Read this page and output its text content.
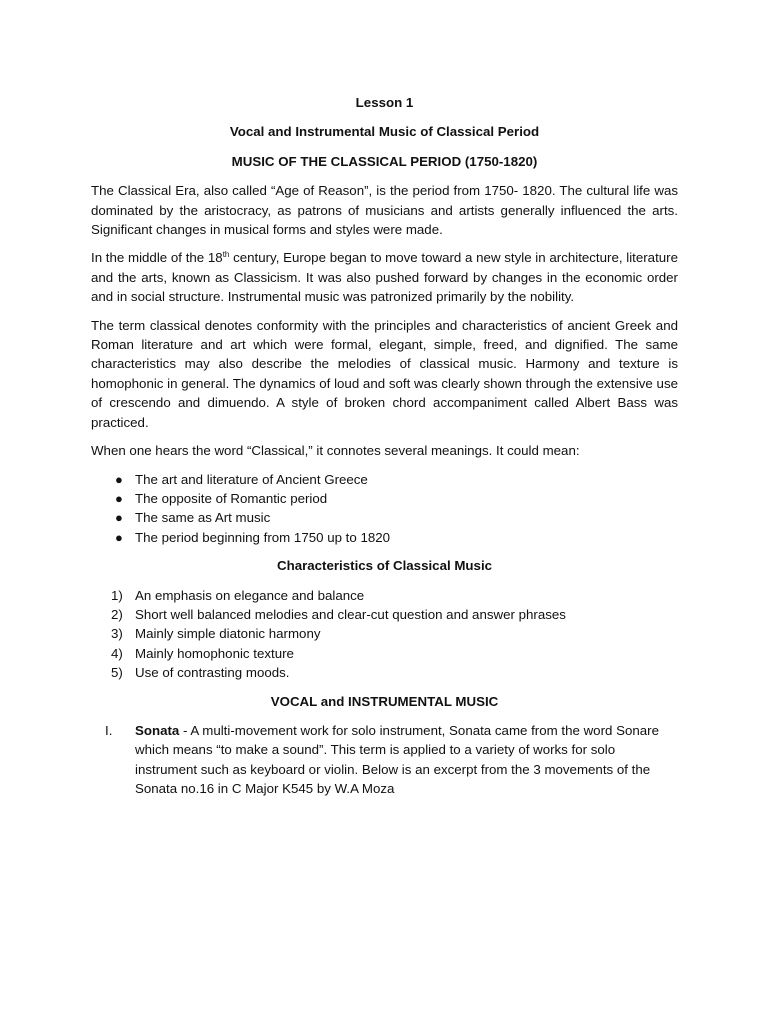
Lesson 1

Vocal and Instrumental Music of Classical Period

MUSIC OF THE CLASSICAL PERIOD (1750-1820)

The Classical Era, also called “Age of Reason”, is the period from 1750- 1820. The cultural life was dominated by the aristocracy, as patrons of musicians and artists generally influenced the arts. Significant changes in musical forms and styles were made.

In the middle of the 18th century, Europe began to move toward a new style in architecture, literature and the arts, known as Classicism. It was also pushed forward by changes in the economic order and in social structure. Instrumental music was patronized primarily by the nobility.

The term classical denotes conformity with the principles and characteristics of ancient Greek and Roman literature and art which were formal, elegant, simple, freed, and dignified. The same characteristics may also describe the melodies of classical music. Harmony and texture is homophonic in general. The dynamics of loud and soft was clearly shown through the extensive use of crescendo and dimuendo. A style of broken chord accompaniment called Albert Bass was practiced.

When one hears the word “Classical,” it connotes several meanings. It could mean:

● The art and literature of Ancient Greece
● The opposite of Romantic period
● The same as Art music
● The period beginning from 1750 up to 1820

Characteristics of Classical Music

1) An emphasis on elegance and balance
2) Short well balanced melodies and clear-cut question and answer phrases
3) Mainly simple diatonic harmony
4) Mainly homophonic texture
5) Use of contrasting moods.

VOCAL and INSTRUMENTAL MUSIC

I.	Sonata - A multi-movement work for solo instrument, Sonata came from the word Sonare which means “to make a sound”. This term is applied to a variety of works for solo instrument such as keyboard or violin. Below is an excerpt from the 3 movements of the Sonata no.16 in C Major K545 by W.A Moza
